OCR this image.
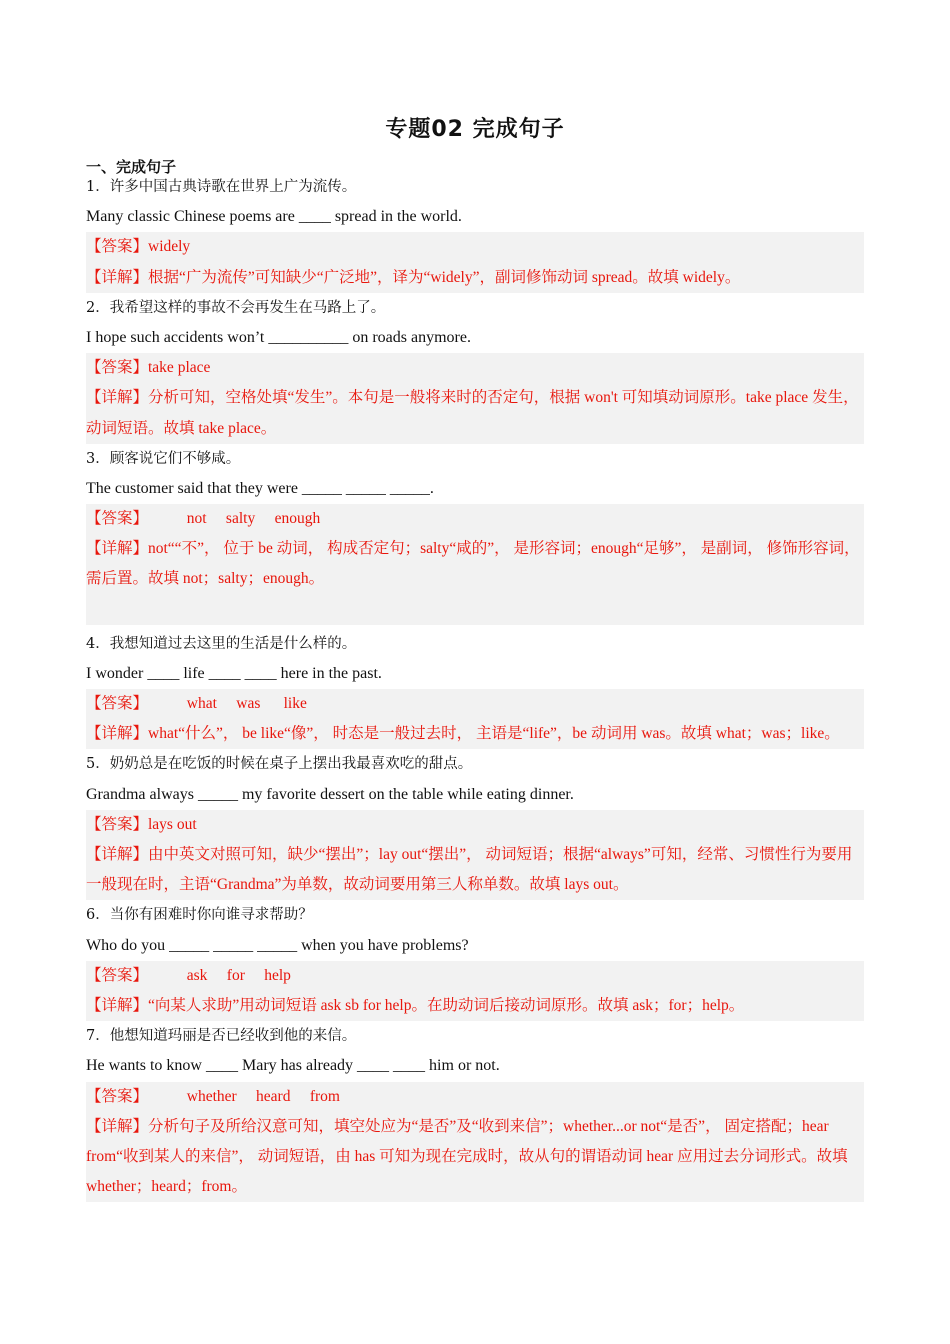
专题02 完成句子
一、完成句子
1．许多中国古典诗歌在世界上广为流传。
Many classic Chinese poems are ____ spread in the world.
【答案】widely
【详解】根据“广为流传”可知缺少“广泛地”，译为“widely”，副词修饰动词 spread。故填 widely。
2．我希望这样的事故不会再发生在马路上了。
I hope such accidents won’t __________ on roads anymore.
【答案】take place
【详解】分析可知，空格处填“发生”。本句是一般将来时的否定句，根据 won't 可知填动词原形。take place 发生，动词短语。故填 take place。
3．顾客说它们不够咸。
The customer said that they were _____ _____ _____.
【答案】          not     salty     enough
【详解】not““不”， 位于 be 动词， 构成否定句；salty“咸的”， 是形容词；enough“足够”， 是副词， 修饰形容词，需后置。故填 not；salty；enough。
4．我想知道过去这里的生活是什么样的。
I wonder ____ life ____ ____ here in the past.
【答案】          what     was      like
【详解】what“什么”， be like“像”， 时态是一般过去时， 主语是“life”，be 动词用 was。故填 what；was；like。
5．奶奶总是在吃饭的时候在桌子上摆出我最喜欢吃的甜点。
Grandma always _____ my favorite dessert on the table while eating dinner.
【答案】lays out
【详解】由中英文对照可知，缺少“摆出”；lay out“摆出”， 动词短语；根据“always”可知，经常、习惯性行为要用一般现在时，主语“Grandma”为单数，故动词要用第三人称单数。故填 lays out。
6．当你有困难时你向谁寻求帮助？
Who do you _____ _____ _____ when you have problems?
【答案】          ask     for     help
【详解】“向某人求助”用动词短语 ask sb for help。在助动词后接动词原形。故填 ask；for；help。
7．他想知道玛丽是否已经收到他的来信。
He wants to know ____ Mary has already ____ ____ him or not.
【答案】          whether     heard     from
【详解】分析句子及所给汉意可知，填空处应为“是否”及“收到来信”；whether...or not“是否”， 固定搭配；hear from“收到某人的来信”， 动词短语，由 has 可知为现在完成时，故从句的谓语动词 hear 应用过去分词形式。故填 whether；heard；from。
